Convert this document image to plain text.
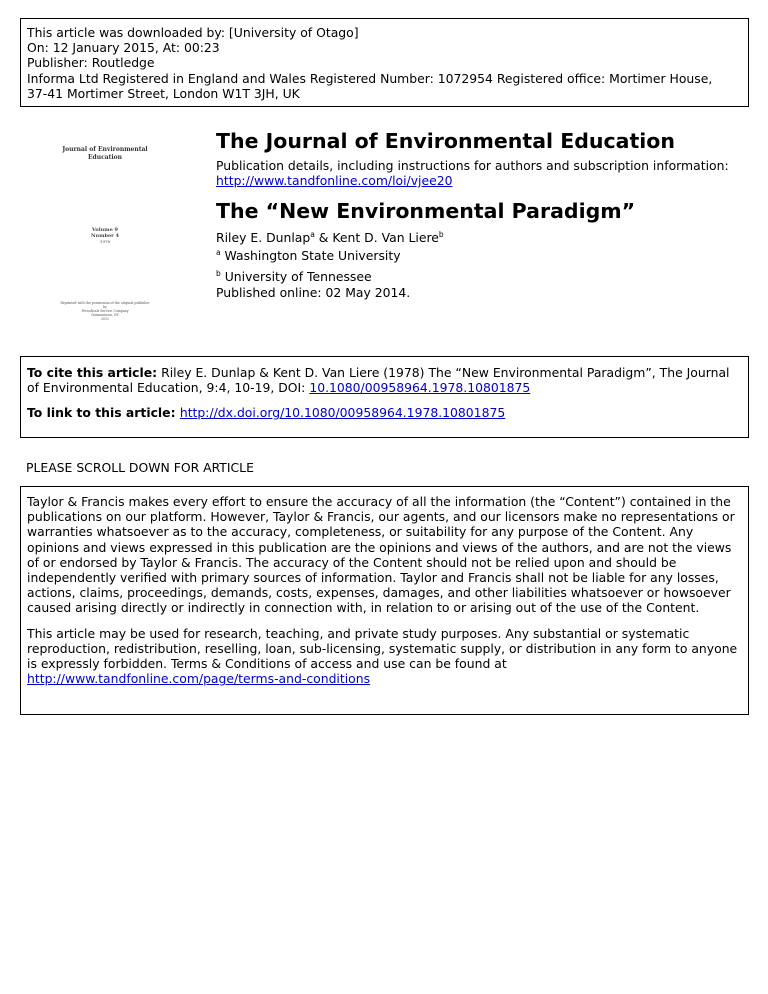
This article was downloaded by: [University of Otago]
On: 12 January 2015, At: 00:23
Publisher: Routledge
Informa Ltd Registered in England and Wales Registered Number: 1072954 Registered office: Mortimer House,
37-41 Mortimer Street, London W1T 3JH, UK
Journal of Environmental
Education
Volume 9
Number 4
1978
Reprinted with the permission of the original publisher
by
Periodicals Service Company
Germantown, NY
2012
The Journal of Environmental Education
Publication details, including instructions for authors and subscription information:
http://www.tandfonline.com/loi/vjee20
The “New Environmental Paradigm”
Riley E. Dunlap$^a$ & Kent D. Van Liere$^b$
$^a$ Washington State University
$^b$ University of Tennessee
Published online: 02 May 2014.
To cite this article: Riley E. Dunlap & Kent D. Van Liere (1978) The “New Environmental Paradigm”, The Journal of Environmental Education, 9:4, 10-19, DOI: 10.1080/00958964.1978.10801875
To link to this article: http://dx.doi.org/10.1080/00958964.1978.10801875
PLEASE SCROLL DOWN FOR ARTICLE

Taylor & Francis makes every effort to ensure the accuracy of all the information (the “Content”) contained in the publications on our platform. However, Taylor & Francis, our agents, and our licensors make no representations or warranties whatsoever as to the accuracy, completeness, or suitability for any purpose of the Content. Any opinions and views expressed in this publication are the opinions and views of the authors, and are not the views of or endorsed by Taylor & Francis. The accuracy of the Content should not be relied upon and should be independently verified with primary sources of information. Taylor and Francis shall not be liable for any losses, actions, claims, proceedings, demands, costs, expenses, damages, and other liabilities whatsoever or howsoever caused arising directly or indirectly in connection with, in relation to or arising out of the use of the Content.

This article may be used for research, teaching, and private study purposes. Any substantial or systematic reproduction, redistribution, reselling, loan, sub-licensing, systematic supply, or distribution in any form to anyone is expressly forbidden. Terms & Conditions of access and use can be found at http://www.tandfonline.com/page/terms-and-conditions
